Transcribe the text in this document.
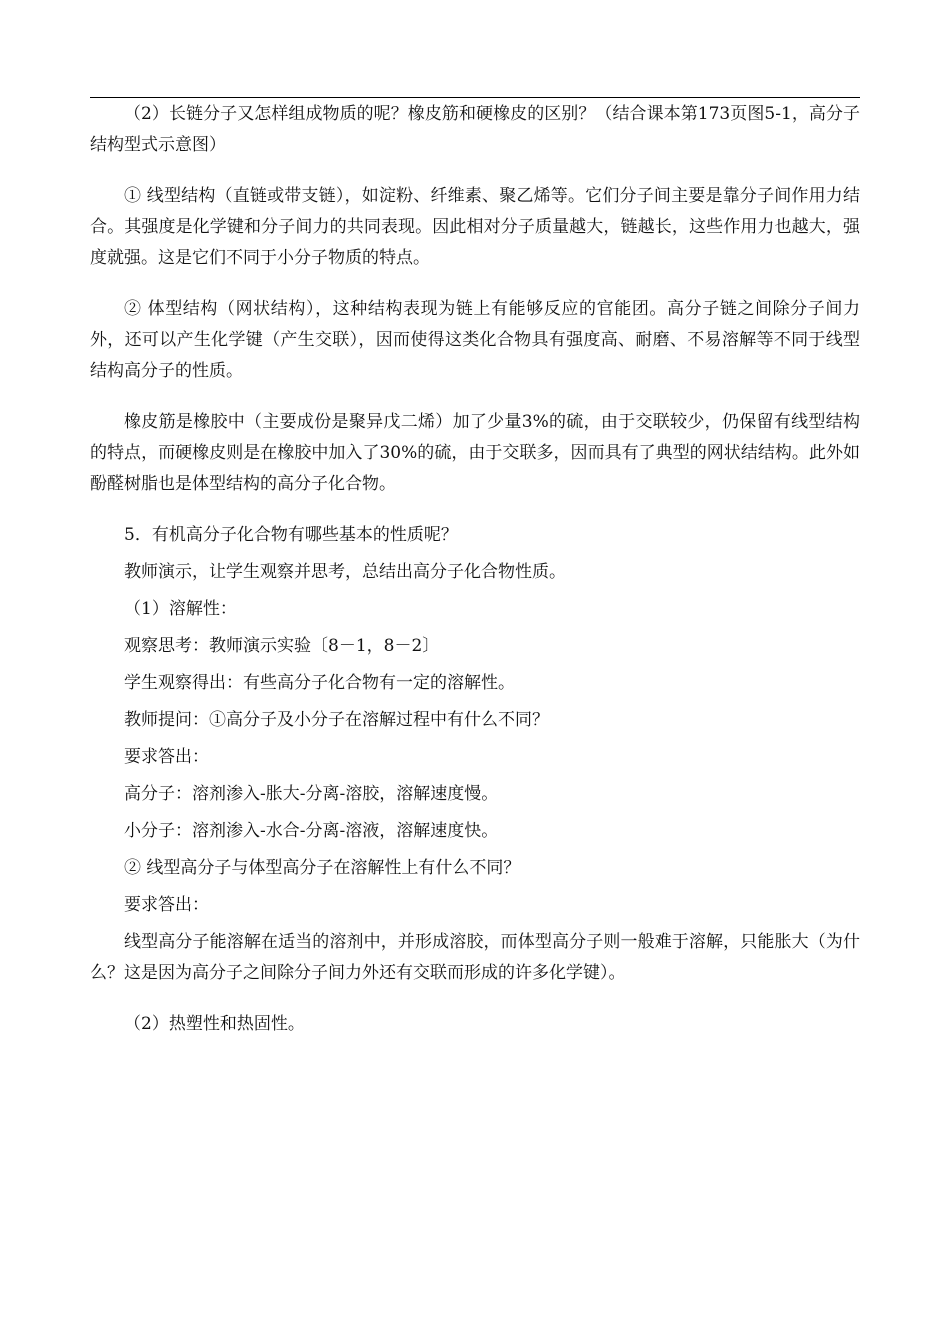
（2）长链分子又怎样组成物质的呢？橡皮筋和硬橡皮的区别？（结合课本第173页图5-1，高分子结构型式示意图）

① 线型结构（直链或带支链），如淀粉、纤维素、聚乙烯等。它们分子间主要是靠分子间作用力结合。其强度是化学键和分子间力的共同表现。因此相对分子质量越大，链越长，这些作用力也越大，强度就强。这是它们不同于小分子物质的特点。

② 体型结构（网状结构），这种结构表现为链上有能够反应的官能团。高分子链之间除分子间力外，还可以产生化学键（产生交联），因而使得这类化合物具有强度高、耐磨、不易溶解等不同于线型结构高分子的性质。

橡皮筋是橡胶中（主要成份是聚异戊二烯）加了少量3%的硫，由于交联较少，仍保留有线型结构的特点，而硬橡皮则是在橡胶中加入了30%的硫，由于交联多，因而具有了典型的网状结结构。此外如酚醛树脂也是体型结构的高分子化合物。

5．有机高分子化合物有哪些基本的性质呢？

教师演示，让学生观察并思考，总结出高分子化合物性质。

（1）溶解性：

观察思考：教师演示实验〔8－1，8－2〕

学生观察得出：有些高分子化合物有一定的溶解性。

教师提问：①高分子及小分子在溶解过程中有什么不同？

要求答出：

高分子：溶剂渗入-胀大-分离-溶胶，溶解速度慢。

小分子：溶剂渗入-水合-分离-溶液，溶解速度快。

② 线型高分子与体型高分子在溶解性上有什么不同？

要求答出：

线型高分子能溶解在适当的溶剂中，并形成溶胶，而体型高分子则一般难于溶解，只能胀大（为什么？这是因为高分子之间除分子间力外还有交联而形成的许多化学键）。

（2）热塑性和热固性。
